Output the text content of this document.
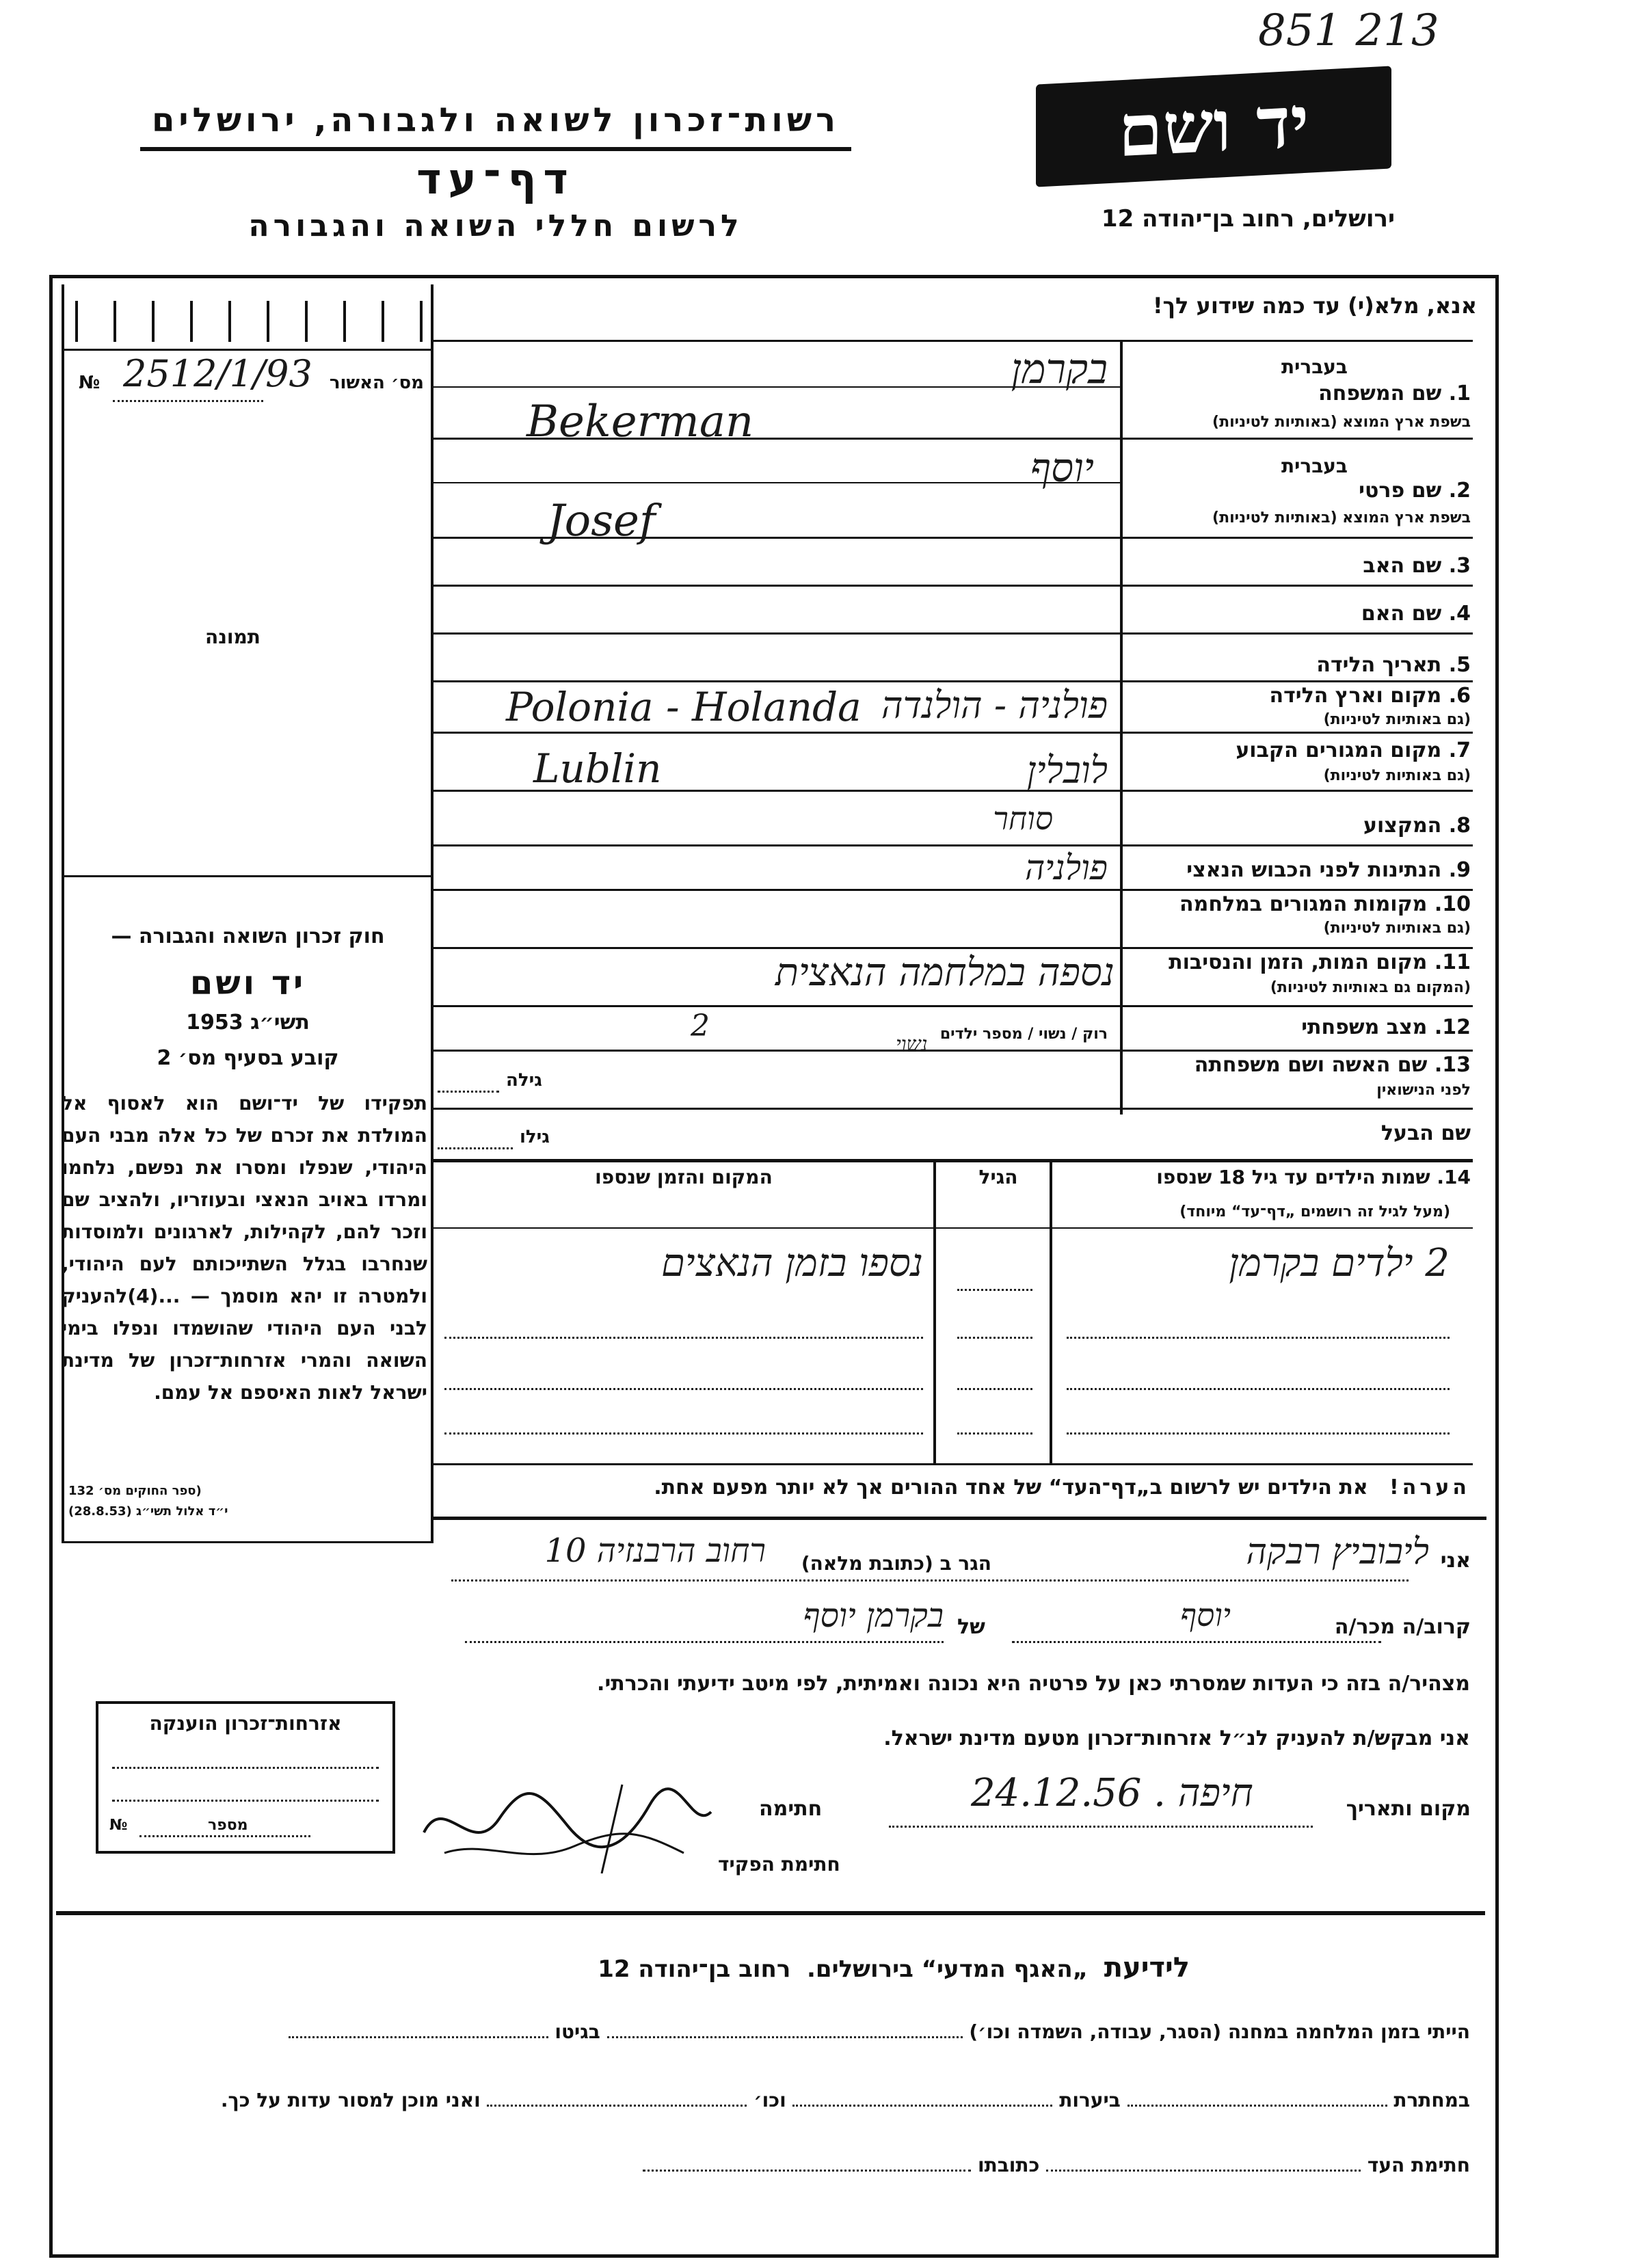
851 213
רשות־זכרון לשואה ולגבורה, ירושלים
דף־עד
לרשום חללי השואה והגבורה
יד ושם
ירושלים, רחוב בן־יהודה 12
מס׳ האשור
№ 2512/1/93
תמונה
חוק זכרון השואה והגבורה —
יד ושם
תשי״ג 1953
קובע בסעיף מס׳ 2
תפקידו של יד־ושם הוא לאסוף אל המולדת את זכרם של כל אלה מבני העם היהודי, שנפלו ומסרו את נפשם, נלחמו ומרדו באויב הנאצי ובעוזריו, ולהציב שם וזכר להם, לקהילות, לארגונים ולמוסדות שנחרבו בגלל השתייכותם לעם היהודי, ולמטרה זו יהא מוסמך — ...(4)להעניק לבני העם היהודי שהושמדו ונפלו בימי השואה והמרי אזרחות־זכרון של מדינת ישראל לאות האיספם אל עמם.
(ספר החוקים מס׳ 132
י״ד אלול תשי״ג (28.8.53)
אנא, מלא(י) עד כמה שידוע לך!
בעברית
1. שם המשפחה
בשפת ארץ המוצא (באותיות לטיניות)
בקרמן
Bekerman
בעברית
2. שם פרטי
בשפת ארץ המוצא (באותיות לטיניות)
יוסף
Josef
3. שם האב
4. שם האם
5. תאריך הלידה
6. מקום וארץ הלידה
(גם באותיות לטיניות)
פולניה - הולנדה
Polonia - Holanda
7. מקום המגורים הקבוע
(גם באותיות לטיניות)
לובלין
Lublin
8. המקצוע
סוחר
9. הנתינות לפני הכבוש הנאצי
פולניה
10. מקומות המגורים במלחמה
(גם באותיות לטיניות)
11. מקום המות, הזמן והנסיבות
(המקום גם באותיות לטיניות)
נספה במלחמה הנאצית
12. מצב משפחתי
רוק / נשוי / מספר ילדים
2
נשוי
13. שם האשה ושם משפחתה
לפני הנישואין
גילה
שם הבעל
גילו
14. שמות הילדים עד גיל 18 שנספו
(מעל לגיל זה רושמים „דף־עד“ מיוחד)
הגיל
המקום והזמן שנספו
2 ילדים בקרמן
נספו בזמן הנאצים
הערה!   את הילדים יש לרשום ב„דף־העד“ של אחד ההורים אך לא יותר מפעם אחת.
אני
ליבוביץ רבקה
הגר ב (כתובת מלאה)
רחוב הרבנזיה 10
קרוב/ה מכר/ה
יוסף
של
בקרמן יוסף
מצהיר/ה בזה כי העדות שמסרתי כאן על פרטיה היא נכונה ואמיתית, לפי מיטב ידיעתי והכרתי.
אני מבקש/ת להעניק לנ״ל אזרחות־זכרון מטעם מדינת ישראל.
מקום ותאריך
חיפה . 24.12.56
חתימה
חתימת הפקיד
אזרחות־זכרון הוענקה
№	מספר
לידיעת  „האגף המדעי“ בירושלים.  רחוב בן־יהודה 12
הייתי בזמן המלחמה במחנה (הסגר, עבודה, השמדה וכו׳)  בגיטו
במחתרת  ביערות  וכו׳  ואני מוכן למסור עדות על כך.
חתימת העד  כתובתו
